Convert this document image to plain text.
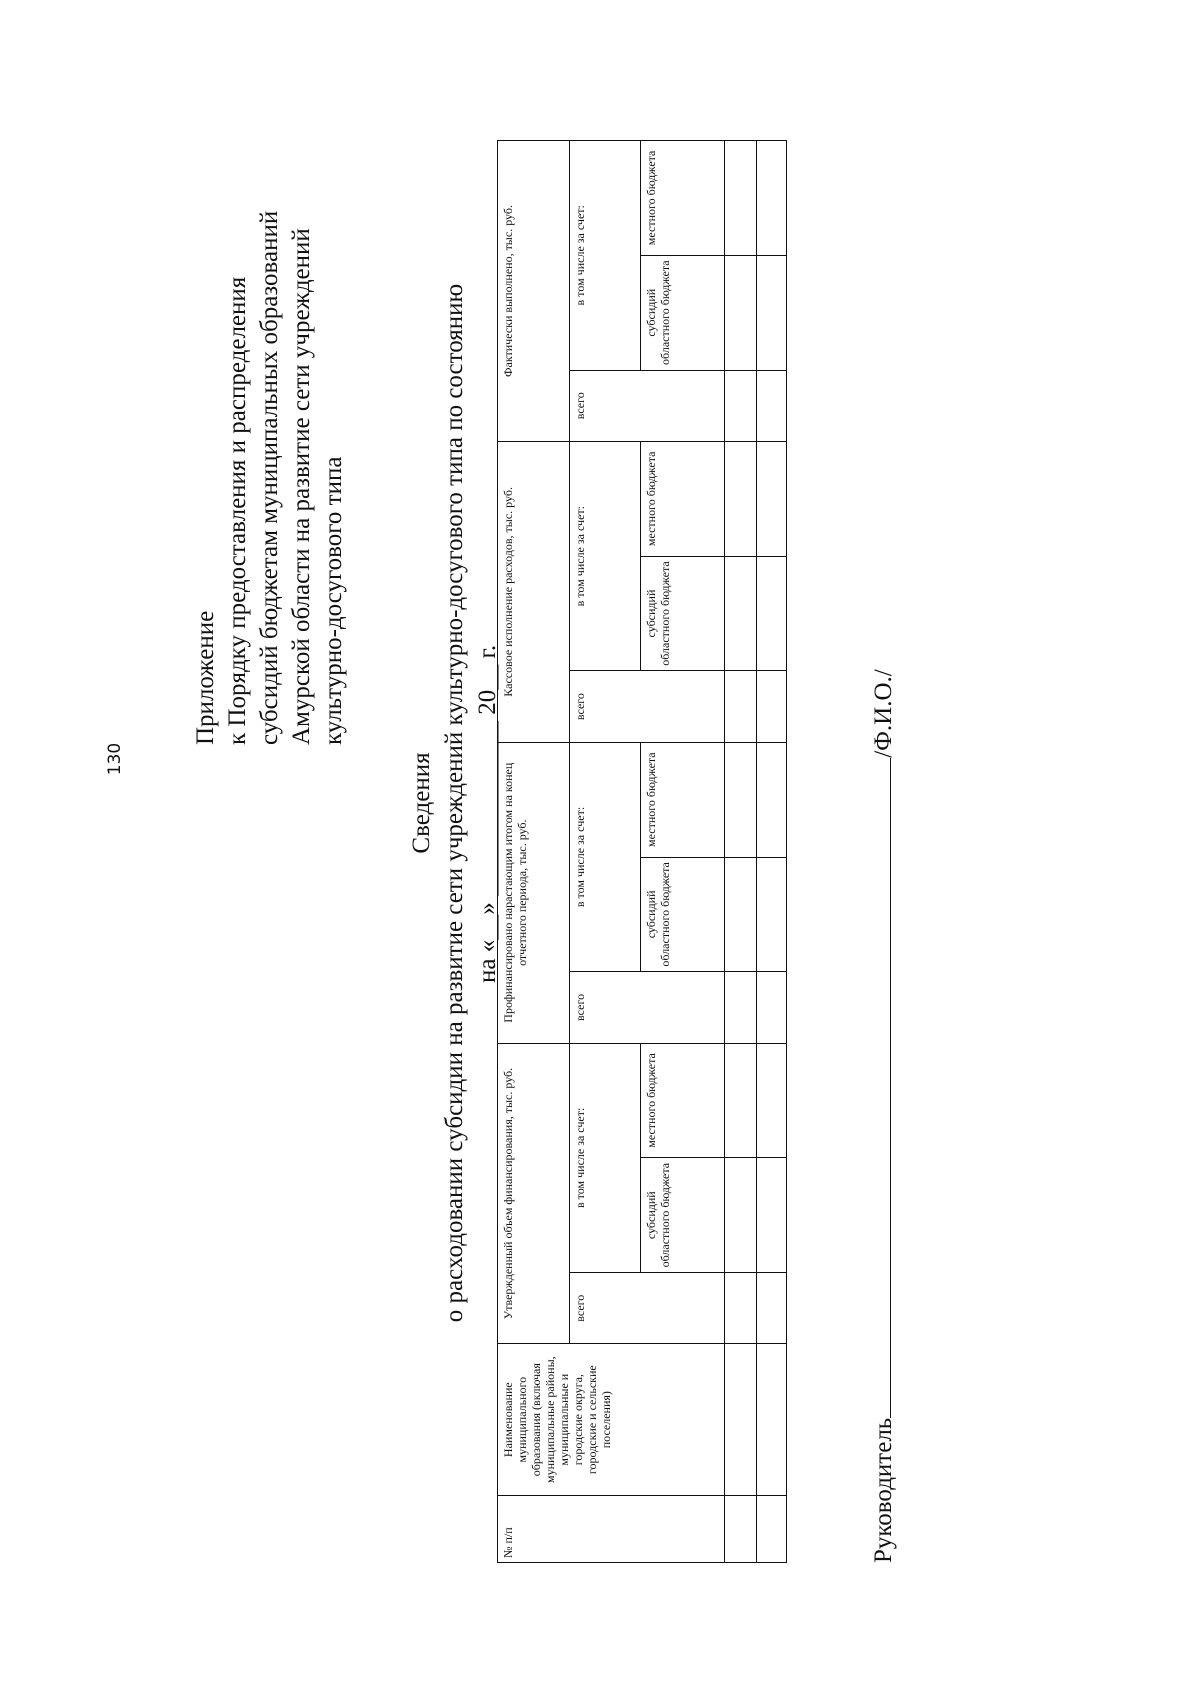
130
Приложение к Порядку предоставления и распределения субсидий бюджетам муниципальных образований Амурской области на развитие сети учреждений культурно-досугового типа
Сведения о расходовании субсидии на развитие сети учреждений культурно-досугового типа по состоянию на «__» ______________ 20__ г.
№ п/п	Наименование муниципального образования (включая муниципальные районы, муниципальные и городские округа, городские и сельские поселения)	Утвержденный объем финансирования, тыс. руб.			Профинансировано нарастающим итогом на конец отчетного периода, тыс. руб.			Кассовое исполнение расходов, тыс. руб.			Фактически выполнено, тыс. руб.		
		всего	в том числе за счет:		всего	в том числе за счет:		всего	в том числе за счет:		всего	в том числе за счет:	
			субсидий областного бюджета	местного бюджета		субсидий областного бюджета	местного бюджета		субсидий областного бюджета	местного бюджета		субсидий областного бюджета	местного бюджета

Руководитель/Ф.И.О./
